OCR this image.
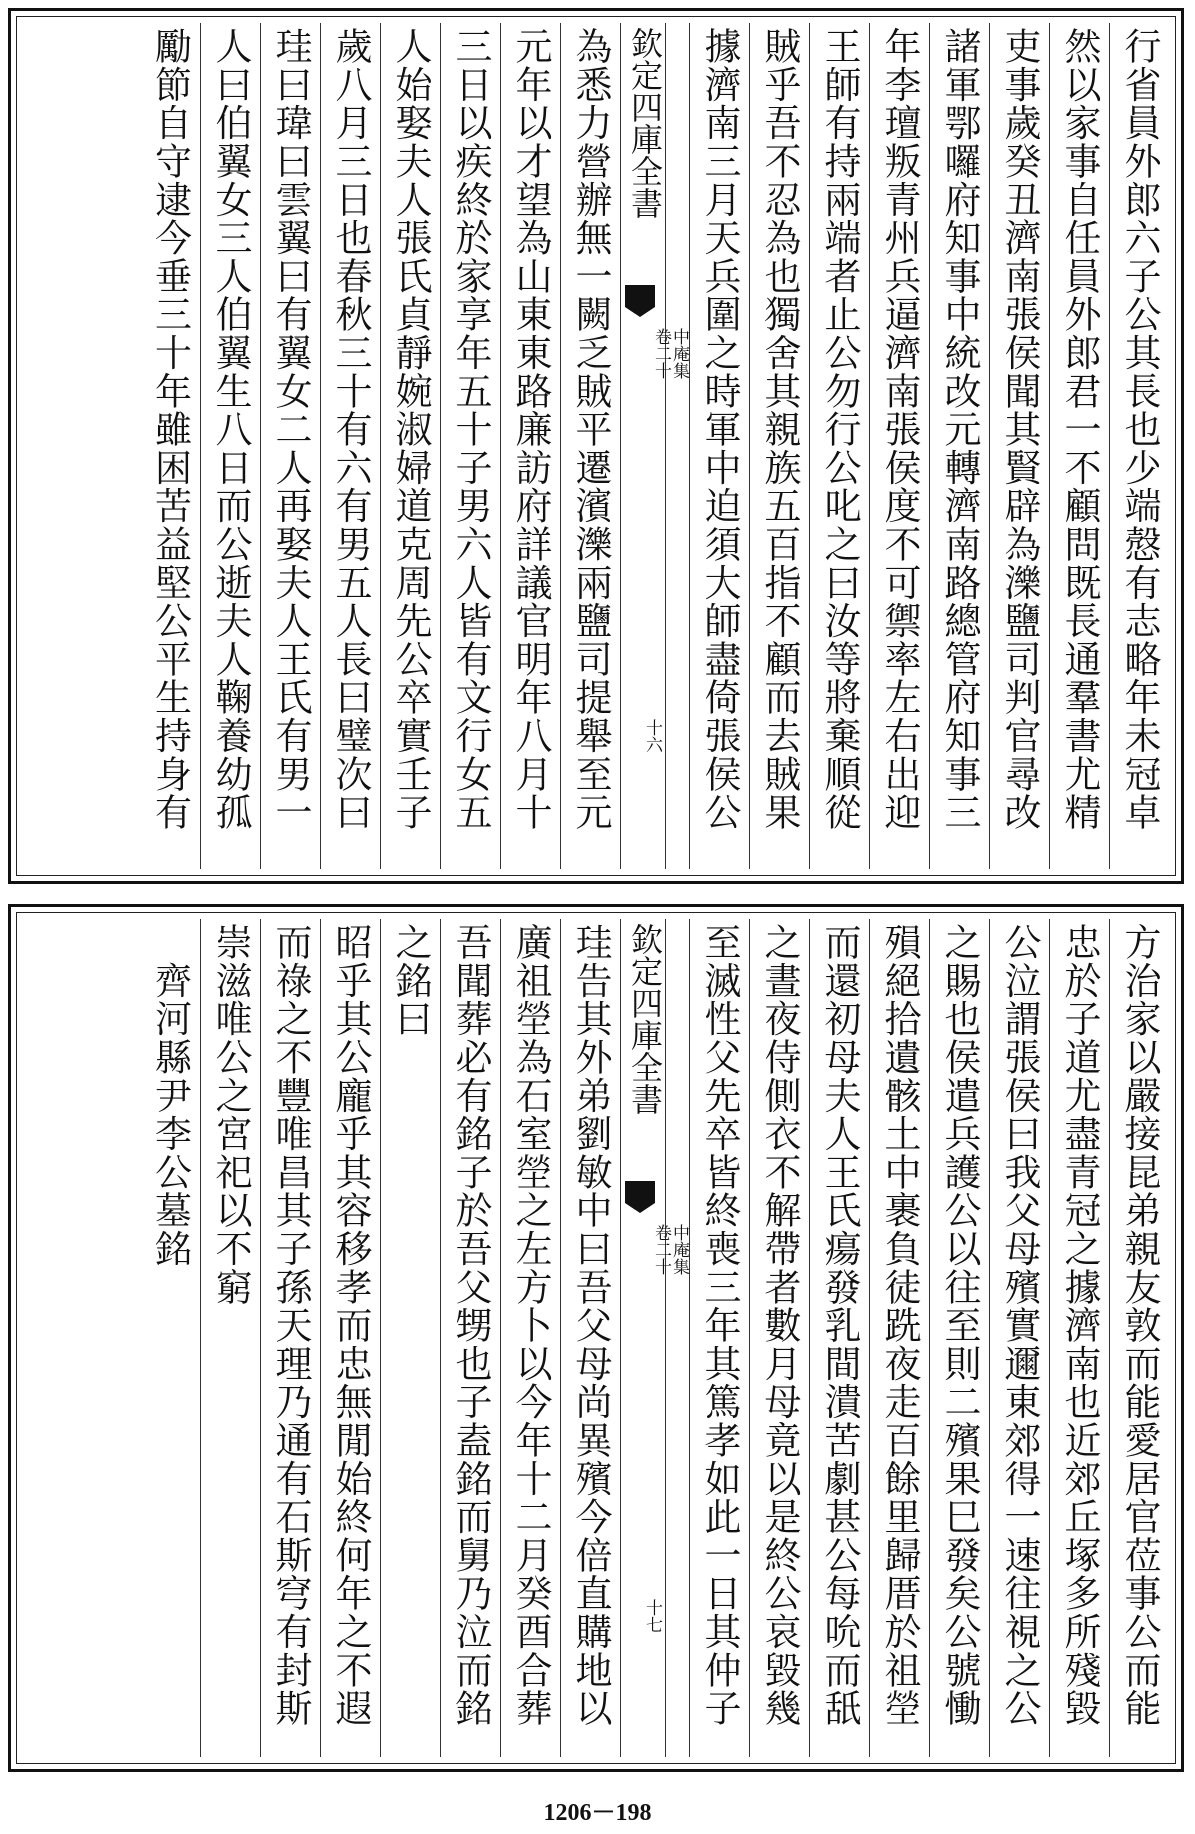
行省員外郎六子公其長也少端慤有志略年未冠卓
然以家事自任員外郎君一不顧問既長通羣書尤精
吏事歲癸丑濟南張侯聞其賢辟為濼鹽司判官尋改
諸軍鄂囉府知事中統改元轉濟南路總管府知事三
年李璮叛青州兵逼濟南張侯度不可禦率左右出迎
王師有持兩端者止公勿行公叱之曰汝等將棄順從
賊乎吾不忍為也獨舍其親族五百指不顧而去賊果
據濟南三月天兵圍之時軍中迫須大師盡倚張侯公
欽定四庫全書
中庵集
卷二十
十六
為悉力營辦無一闕乏賊平遷濱濼兩鹽司提舉至元
元年以才望為山東東路廉訪府詳議官明年八月十
三日以疾終於家享年五十子男六人皆有文行女五
人始娶夫人張氏貞靜婉淑婦道克周先公卒實壬子
歲八月三日也春秋三十有六有男五人長曰璧次曰
珪曰瑋曰雲翼曰有翼女二人再娶夫人王氏有男一
人曰伯翼女三人伯翼生八日而公逝夫人鞠養幼孤
勵節自守逮今垂三十年雖困苦益堅公平生持身有
方治家以嚴接昆弟親友敦而能愛居官莅事公而能
忠於子道尤盡青冠之據濟南也近郊丘塚多所殘毀
公泣謂張侯曰我父母殯實邇東郊得一速往視之公
之賜也侯遣兵護公以往至則二殯果巳發矣公號慟
殞絕拾遺骸土中裹負徒跣夜走百餘里歸厝於祖塋
而還初母夫人王氏瘍發乳間潰苦劇甚公每吮而舐
之晝夜侍側衣不解帶者數月母竟以是終公哀毀幾
至滅性父先卒皆終喪三年其篤孝如此一日其仲子
欽定四庫全書
中庵集
卷二十
十七
珪告其外弟劉敏中曰吾父母尚異殯今倍直購地以
廣祖塋為石室塋之左方卜以今年十二月癸酉合葬
吾聞葬必有銘子於吾父甥也子盍銘而舅乃泣而銘
之銘曰
昭乎其公龐乎其容移孝而忠無閒始終何年之不遐
而祿之不豐唯昌其子孫天理乃通有石斯穹有封斯
崇滋唯公之宮祀以不窮
　齊河縣尹李公墓銘
1206－198
